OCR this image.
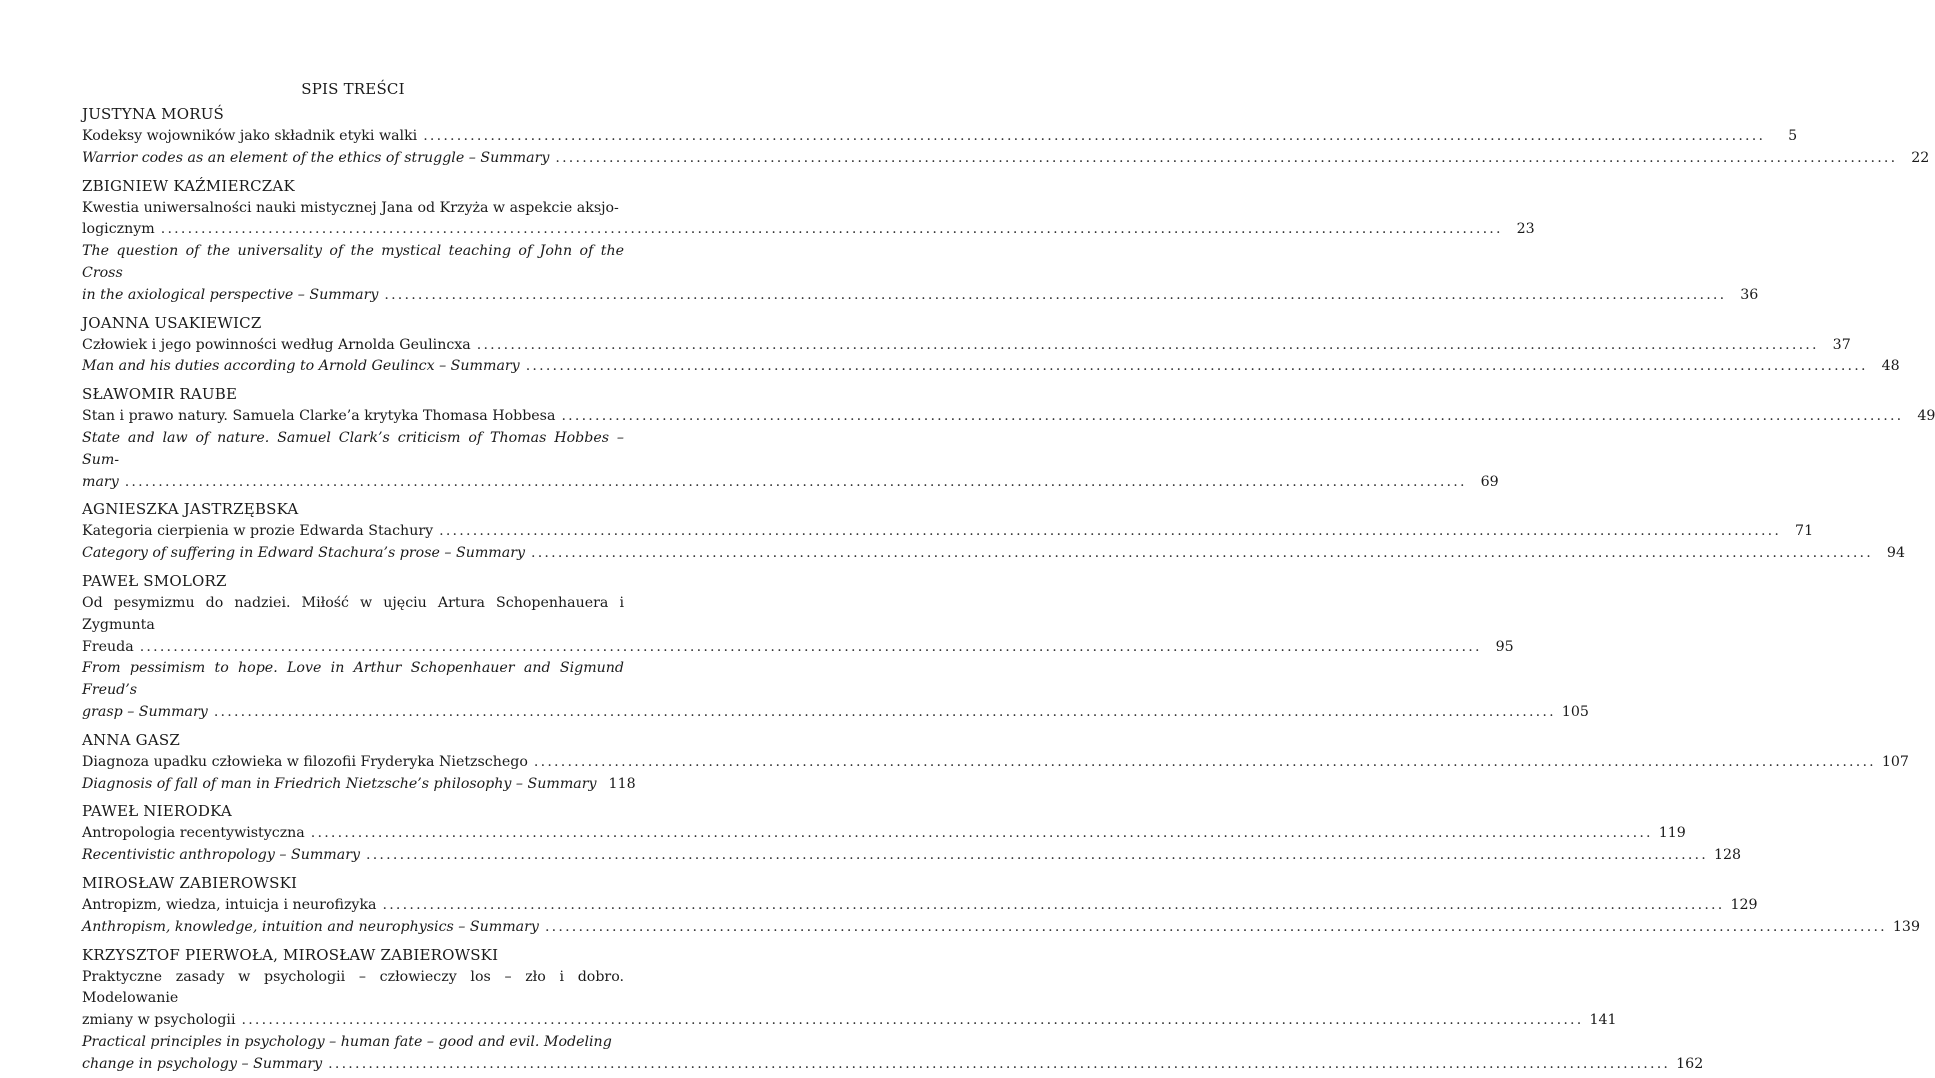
SPIS TREŚCI
JUSTYNA MORUŚ
Kodeksy wojowników jako składnik etyki walki ........................................................................................................................................................................................................	5
Warrior codes as an element of the ethics of struggle – Summary ........................................................................................................................................................................................................ 22
ZBIGNIEW KAŹMIERCZAK
Kwestia uniwersalności nauki mistycznej Jana od Krzyża w aspekcie aksjo-
logicznym ........................................................................................................................................................................................................ 23
The question of the universality of the mystical teaching of John of the Cross
in the axiological perspective – Summary ........................................................................................................................................................................................................ 36
JOANNA USAKIEWICZ
Człowiek i jego powinności według Arnolda Geulincxa ........................................................................................................................................................................................................ 37
Man and his duties according to Arnold Geulincx – Summary ........................................................................................................................................................................................................ 48
SŁAWOMIR RAUBE
Stan i prawo natury. Samuela Clarke’a krytyka Thomasa Hobbesa ........................................................................................................................................................................................................ 49
State and law of nature. Samuel Clark’s criticism of Thomas Hobbes – Sum-
mary ........................................................................................................................................................................................................ 69
AGNIESZKA JASTRZĘBSKA
Kategoria cierpienia w prozie Edwarda Stachury ........................................................................................................................................................................................................ 71
Category of suffering in Edward Stachura’s prose – Summary ........................................................................................................................................................................................................ 94
PAWEŁ SMOLORZ
Od pesymizmu do nadziei. Miłość w ujęciu Artura Schopenhauera i Zygmunta
Freuda ........................................................................................................................................................................................................ 95
From pessimism to hope. Love in Arthur Schopenhauer and Sigmund Freud’s
grasp – Summary ........................................................................................................................................................................................................ 105
ANNA GASZ
Diagnoza upadku człowieka w filozofii Fryderyka Nietzschego ........................................................................................................................................................................................................ 107
Diagnosis of fall of man in Friedrich Nietzsche’s philosophy – Summary 118
PAWEŁ NIERODKA
Antropologia recentywistyczna ........................................................................................................................................................................................................ 119
Recentivistic anthropology – Summary ........................................................................................................................................................................................................ 128
MIROSŁAW ZABIEROWSKI
Antropizm, wiedza, intuicja i neurofizyka ........................................................................................................................................................................................................ 129
Anthropism, knowledge, intuition and neurophysics – Summary ........................................................................................................................................................................................................ 139
KRZYSZTOF PIERWOŁA, MIROSŁAW ZABIEROWSKI
Praktyczne zasady w psychologii – człowieczy los – zło i dobro. Modelowanie
zmiany w psychologii ........................................................................................................................................................................................................ 141
Practical principles in psychology – human fate – good and evil. Modeling
change in psychology – Summary ........................................................................................................................................................................................................ 162
